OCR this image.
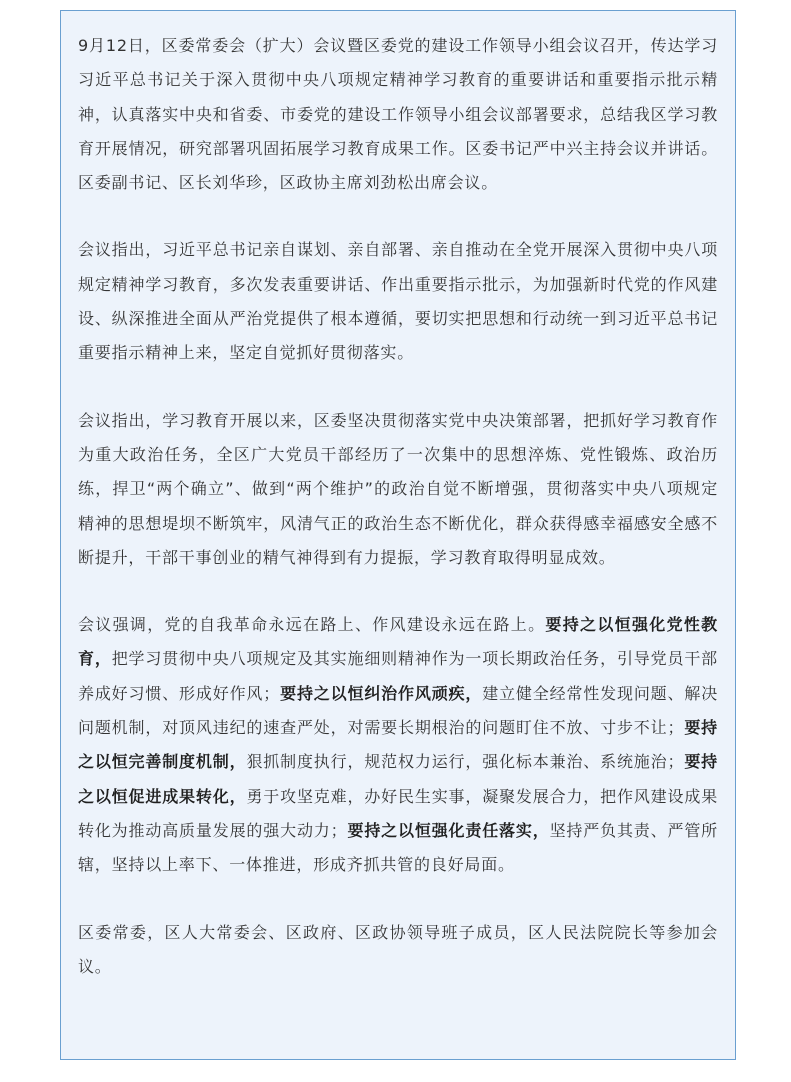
9月12日，区委常委会（扩大）会议暨区委党的建设工作领导小组会议召开，传达学习习近平总书记关于深入贯彻中央八项规定精神学习教育的重要讲话和重要指示批示精神，认真落实中央和省委、市委党的建设工作领导小组会议部署要求，总结我区学习教育开展情况，研究部署巩固拓展学习教育成果工作。区委书记严中兴主持会议并讲话。区委副书记、区长刘华珍，区政协主席刘劲松出席会议。

会议指出，习近平总书记亲自谋划、亲自部署、亲自推动在全党开展深入贯彻中央八项规定精神学习教育，多次发表重要讲话、作出重要指示批示，为加强新时代党的作风建设、纵深推进全面从严治党提供了根本遵循，要切实把思想和行动统一到习近平总书记重要指示精神上来，坚定自觉抓好贯彻落实。

会议指出，学习教育开展以来，区委坚决贯彻落实党中央决策部署，把抓好学习教育作为重大政治任务，全区广大党员干部经历了一次集中的思想淬炼、党性锻炼、政治历练，捍卫“两个确立”、做到“两个维护”的政治自觉不断增强，贯彻落实中央八项规定精神的思想堤坝不断筑牢，风清气正的政治生态不断优化，群众获得感幸福感安全感不断提升，干部干事创业的精气神得到有力提振，学习教育取得明显成效。

会议强调，党的自我革命永远在路上、作风建设永远在路上。要持之以恒强化党性教育，把学习贯彻中央八项规定及其实施细则精神作为一项长期政治任务，引导党员干部养成好习惯、形成好作风；要持之以恒纠治作风顽疾，建立健全经常性发现问题、解决问题机制，对顶风违纪的速查严处，对需要长期根治的问题盯住不放、寸步不让；要持之以恒完善制度机制，狠抓制度执行，规范权力运行，强化标本兼治、系统施治；要持之以恒促进成果转化，勇于攻坚克难，办好民生实事，凝聚发展合力，把作风建设成果转化为推动高质量发展的强大动力；要持之以恒强化责任落实，坚持严负其责、严管所辖，坚持以上率下、一体推进，形成齐抓共管的良好局面。

区委常委，区人大常委会、区政府、区政协领导班子成员，区人民法院院长等参加会议。
